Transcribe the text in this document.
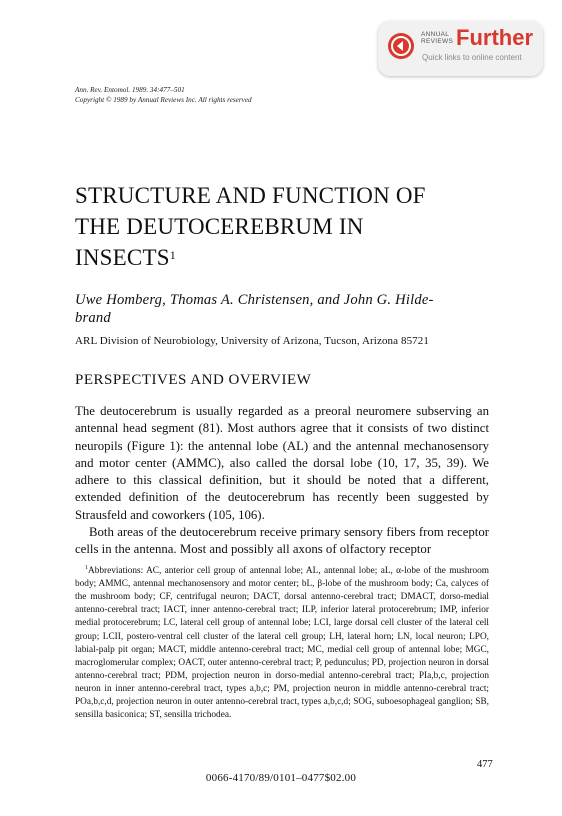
ANNUAL
REVIEWS Further
Quick links to online content
Ann. Rev. Entomol. 1989. 34:477–501
Copyright © 1989 by Annual Reviews Inc. All rights reserved
STRUCTURE AND FUNCTION OF
THE DEUTOCEREBRUM IN
INSECTS$^1$
Uwe Homberg, Thomas A. Christensen, and John G. Hilde-
brand
ARL Division of Neurobiology, University of Arizona, Tucson, Arizona 85721
PERSPECTIVES AND OVERVIEW

The deutocerebrum is usually regarded as a preoral neuromere subserving an antennal head segment (81). Most authors agree that it consists of two distinct neuropils (Figure 1): the antennal lobe (AL) and the antennal mechanosensory and motor center (AMMC), also called the dorsal lobe (10, 17, 35, 39). We adhere to this classical definition, but it should be noted that a different, extended definition of the deutocerebrum has recently been suggested by Strausfeld and coworkers (105, 106).

Both areas of the deutocerebrum receive primary sensory fibers from receptor cells in the antenna. Most and possibly all axons of olfactory receptor

$^1$Abbreviations: AC, anterior cell group of antennal lobe; AL, antennal lobe; aL, α-lobe of the mushroom body; AMMC, antennal mechanosensory and motor center; bL, β-lobe of the mushroom body; Ca, calyces of the mushroom body; CF, centrifugal neuron; DACT, dorsal antenno-cerebral tract; DMACT, dorso-medial antenno-cerebral tract; IACT, inner antenno-cerebral tract; ILP, inferior lateral protocerebrum; IMP, inferior medial protocerebrum; LC, lateral cell group of antennal lobe; LCI, large dorsal cell cluster of the lateral cell group; LCII, postero-ventral cell cluster of the lateral cell group; LH, lateral horn; LN, local neuron; LPO, labial-palp pit organ; MACT, middle antenno-cerebral tract; MC, medial cell group of antennal lobe; MGC, macroglomerular complex; OACT, outer antenno-cerebral tract; P, pedunculus; PD, projection neuron in dorsal antenno-cerebral tract; PDM, projection neuron in dorso-medial antenno-cerebral tract; PIa,b,c, projection neuron in inner antenno-cerebral tract, types a,b,c; PM, projection neuron in middle antenno-cerebral tract; POa,b,c,d, projection neuron in outer antenno-cerebral tract, types a,b,c,d; SOG, suboesophageal ganglion; SB, sensilla basiconica; ST, sensilla trichodea.

477
0066-4170/89/0101–0477$02.00
